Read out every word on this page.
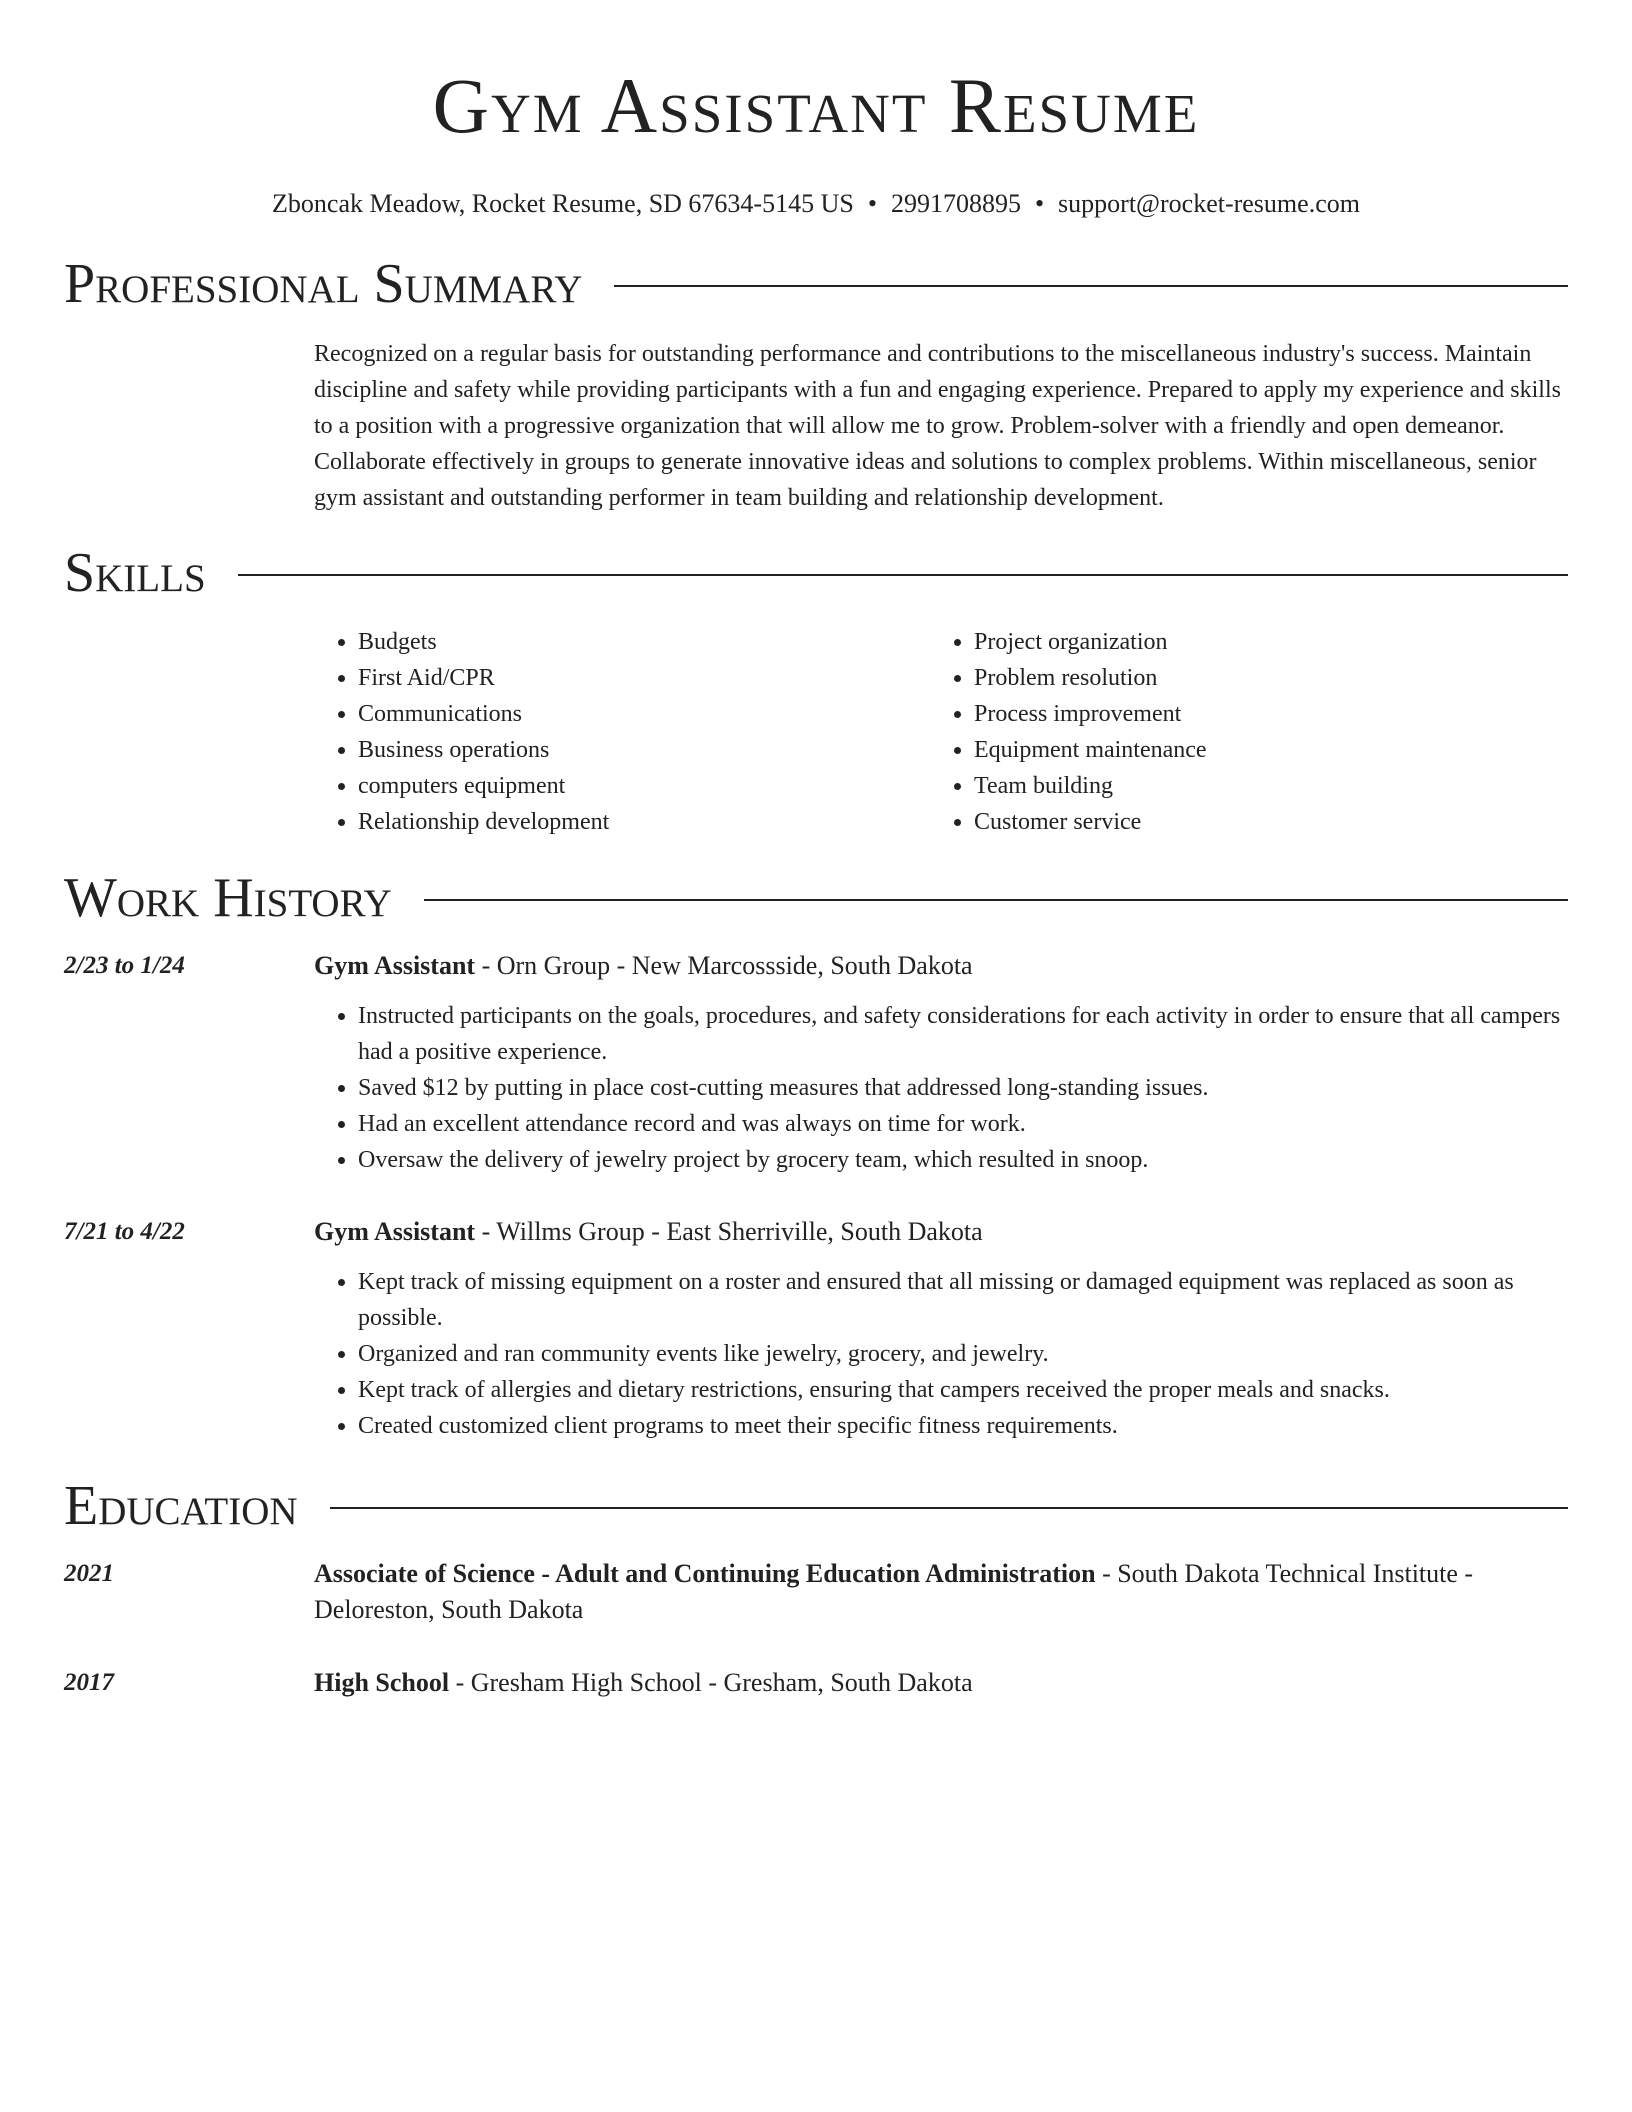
Gym Assistant Resume
Zboncak Meadow, Rocket Resume, SD 67634-5145 US • 2991708895 • support@rocket-resume.com
Professional Summary

Recognized on a regular basis for outstanding performance and contributions to the miscellaneous industry's success. Maintain discipline and safety while providing participants with a fun and engaging experience. Prepared to apply my experience and skills to a position with a progressive organization that will allow me to grow. Problem-solver with a friendly and open demeanor. Collaborate effectively in groups to generate innovative ideas and solutions to complex problems. Within miscellaneous, senior gym assistant and outstanding performer in team building and relationship development.

Skills
• Budgets
• First Aid/CPR
• Communications
• Business operations
• computers equipment
• Relationship development
• Project organization
• Problem resolution
• Process improvement
• Equipment maintenance
• Team building
• Customer service
Work History
2/23 to 1/24	Gym Assistant - Orn Group - New Marcossside, South Dakota
• Instructed participants on the goals, procedures, and safety considerations for each activity in order to ensure that all campers had a positive experience.
• Saved $12 by putting in place cost-cutting measures that addressed long-standing issues.
• Had an excellent attendance record and was always on time for work.
• Oversaw the delivery of jewelry project by grocery team, which resulted in snoop.
7/21 to 4/22	Gym Assistant - Willms Group - East Sherriville, South Dakota
• Kept track of missing equipment on a roster and ensured that all missing or damaged equipment was replaced as soon as possible.
• Organized and ran community events like jewelry, grocery, and jewelry.
• Kept track of allergies and dietary restrictions, ensuring that campers received the proper meals and snacks.
• Created customized client programs to meet their specific fitness requirements.
Education
2021	Associate of Science - Adult and Continuing Education Administration - South Dakota Technical Institute - Deloreston, South Dakota
2017	High School - Gresham High School - Gresham, South Dakota
